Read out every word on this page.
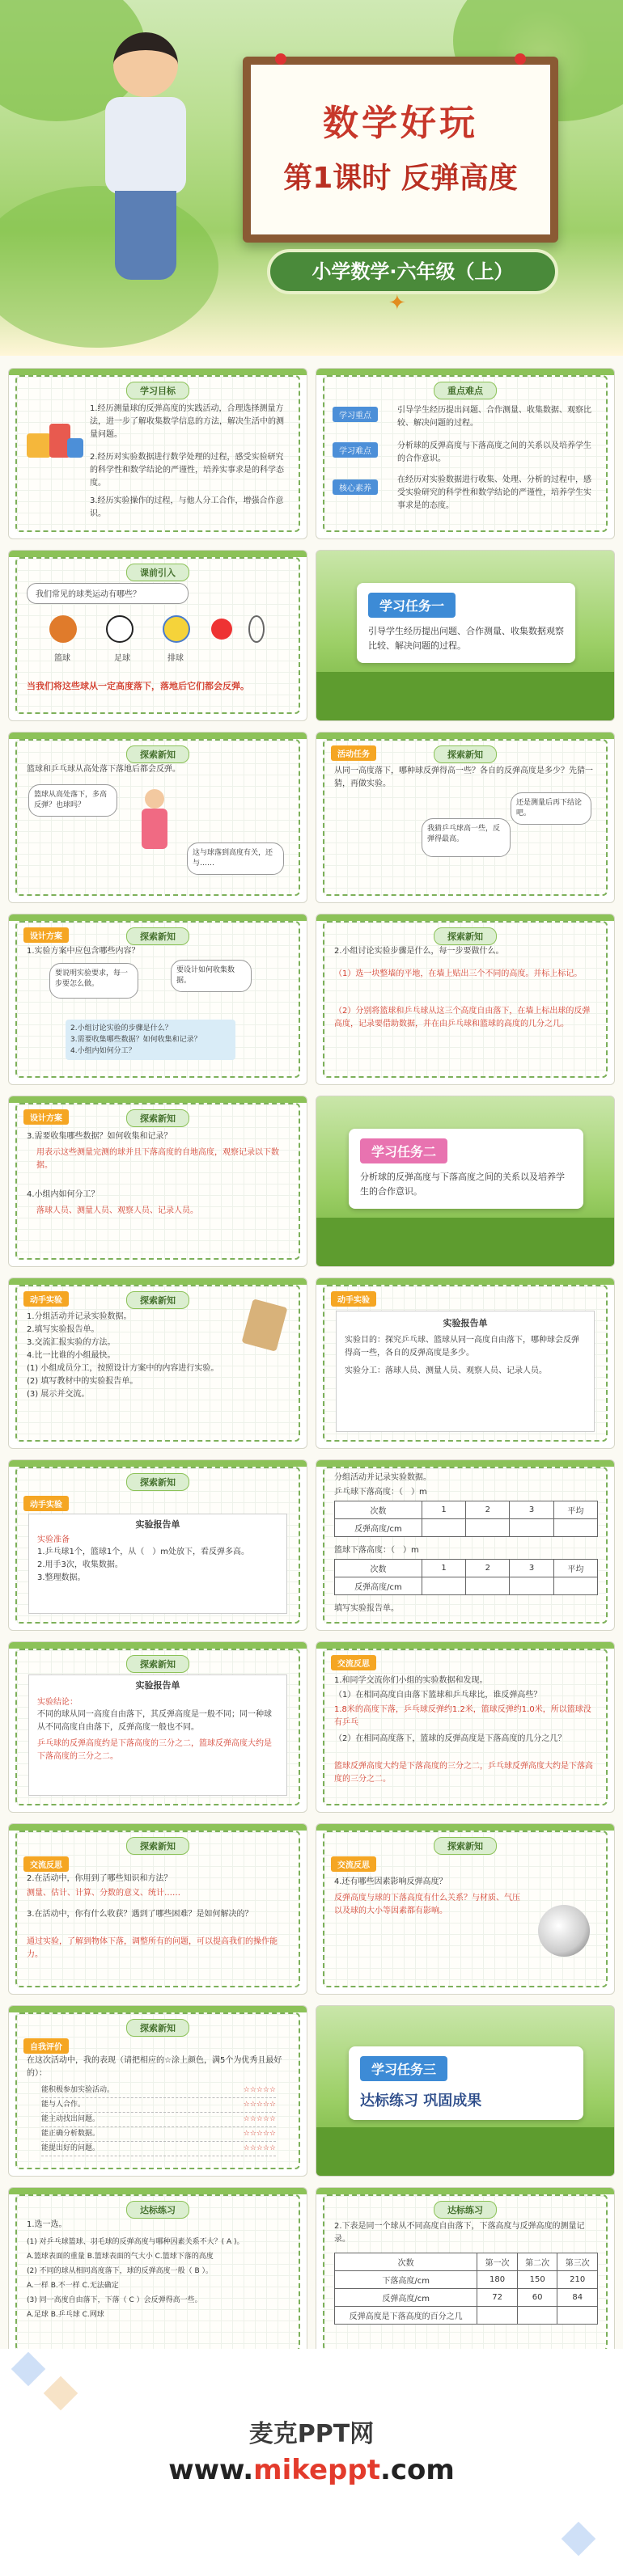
数学好玩
第1课时 反弹高度
小学数学·六年级（上）
✦
学习目标
1.经历测量球的反弹高度的实践活动，合理选择测量方法，进一步了解收集数学信息的方法，解决生活中的测量问题。
2.经历对实验数据进行数学处理的过程，感受实验研究的科学性和数学结论的严谨性，培养实事求是的科学态度。
3.经历实验操作的过程，与他人分工合作，增强合作意识。
重点难点
学习重点
引导学生经历提出问题、合作测量、收集数据、观察比较、解决问题的过程。
学习难点
分析球的反弹高度与下落高度之间的关系以及培养学生的合作意识。
核心素养
在经历对实验数据进行收集、处理、分析的过程中，感受实验研究的科学性和数学结论的严谨性，培养学生实事求是的态度。
课前引入
我们常见的球类运动有哪些？
篮球	足球	排球
当我们将这些球从一定高度落下，落地后它们都会反弹。
学习任务一
引导学生经历提出问题、合作测量、收集数据观察比较、解决问题的过程。
探索新知
篮球和乒乓球从高处落下落地后都会反弹。
篮球从高处落下，多高反弹？也球吗？
这与球落到高度有关，还与……
探索新知
活动任务
从同一高度落下，哪种球反弹得高一些？各自的反弹高度是多少？先猜一猜，再做实验。
我猜乒乓球高一些，反弹得最高。
还是测量后再下结论吧。
探索新知
设计方案
1.实验方案中应包含哪些内容？
要说明实验要求，每一步要怎么做。
要设计如何收集数据。
2.小组讨论实验的步骤是什么？
3.需要收集哪些数据？如何收集和记录？
4.小组内如何分工？
探索新知
2.小组讨论实验步骤是什么，每一步要做什么。
（1）选一块整墙的平地，在墙上贴出三个不同的高度。并标上标记。
（2）分别将篮球和乒乓球从这三个高度自由落下，在墙上标出球的反弹高度，记录要借助数据，并在由乒乓球和篮球的高度的几分之几。
探索新知
设计方案
3.需要收集哪些数据？如何收集和记录？
用表示这些测量完测的球并且下落高度的自地高度，观察记录以下数据。
4.小组内如何分工？
落球人员、测量人员、观察人员、记录人员。
学习任务二
分析球的反弹高度与下落高度之间的关系以及培养学生的合作意识。
探索新知
动手实验
1.分组活动并记录实验数据。
2.填写实验报告单。
3.交流汇报实验的方法。
4.比一比谁的小组最快。
(1) 小组成员分工，按照设计方案中的内容进行实验。
(2) 填写教材中的实验报告单。
(3) 展示并交流。
动手实验
实验报告单
实验目的：探究乒乓球、篮球从同一高度自由落下，哪种球会反弹得高一些，各自的反弹高度是多少。
实验分工：落球人员、测量人员、观察人员、记录人员。
探索新知
动手实验
实验报告单
实验准备
1.乒乓球1个，篮球1个，从（　）m处放下，看反弹多高。
2.用手3次，收集数据。
3.整理数据。
分组活动并记录实验数据。
乒乓球下落高度：（　）m
次数	1	2	3	平均
反弹高度/cm				
篮球下落高度：（　）m
次数	1	2	3	平均
反弹高度/cm				
填写实验报告单。
探索新知
实验报告单
实验结论：
不同的球从同一高度自由落下，其反弹高度是一般不同；同一种球从不同高度自由落下，反弹高度一般也不同。
乒乓球的反弹高度约是下落高度的三分之二，篮球反弹高度大约是下落高度的三分之二。
交流反思
1.和同学交流你们小组的实验数据和发现。
（1）在相同高度自由落下篮球和乒乓球比，谁反弹高些？
1.8米的高度下落，乒乓球反弹约1.2米，篮球反弹约1.0米，所以篮球没有乒乓
（2）在相同高度落下，篮球的反弹高度是下落高度的几分之几？
篮球反弹高度大约是下落高度的三分之二，乒乓球反弹高度大约是下落高度的三分之二。
探索新知
交流反思
2.在活动中，你用到了哪些知识和方法？
测量、估计、计算、分数的意义、统计……
3.在活动中，你有什么收获？遇到了哪些困难？是如何解决的？
通过实验，了解到物体下落，调整所有的问题，可以提高我们的操作能力。
探索新知
交流反思
4.还有哪些因素影响反弹高度？
反弹高度与球的下落高度有什么关系？与材质、气压以及球的大小等因素都有影响。
探索新知
自我评价
在这次活动中，我的表现（请把相应的☆涂上颜色，满5个为优秀且最好的）：
能积极参加实验活动。	☆☆☆☆☆
能与人合作。	☆☆☆☆☆
能主动找出问题。	☆☆☆☆☆
能正确分析数据。	☆☆☆☆☆
能提出好的问题。	☆☆☆☆☆
学习任务三
达标练习 巩固成果
达标练习
1.选一选。
(1) 对乒乓球篮球、羽毛球的反弹高度与哪种因素关系不大？( A )。
A.篮球表面的重量 B.篮球表面的气大小 C.篮球下落的高度
(2) 不同的球从相同高度落下，球的反弹高度一般（ B ）。
A.一样 B.不一样 C.无法确定
(3) 同一高度自由落下，下落（ C ）会反弹得高一些。
A.足球 B.乒乓球 C.网球
达标练习
2.下表是同一个球从不同高度自由落下，下落高度与反弹高度的测量记录。
次数	第一次	第二次	第三次
下落高度/cm	180	150	210
反弹高度/cm	72	60	84
反弹高度是下落高度的百分之几			
麦克PPT网
www.mikeppt.com
